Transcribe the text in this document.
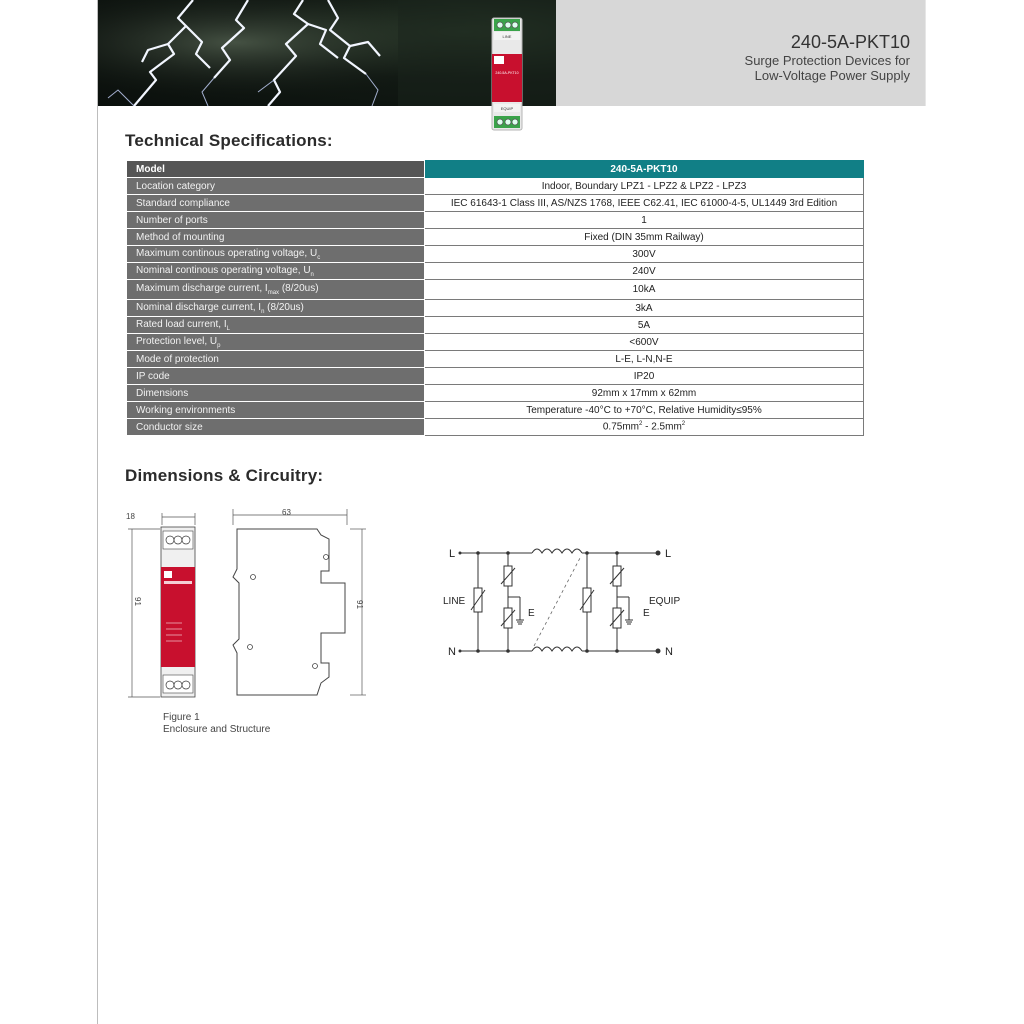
240-5A-PKT10
Surge Protection Devices for
Low-Voltage Power Supply
LINE
240-5A-PKT10
EQUIP
Technical Specifications:
Model	240-5A-PKT10
Location category	Indoor, Boundary LPZ1 - LPZ2 & LPZ2 - LPZ3
Standard compliance	IEC 61643-1 Class III, AS/NZS 1768, IEEE C62.41, IEC 61000-4-5, UL1449 3rd Edition
Number of ports	1
Method of mounting	Fixed (DIN 35mm Railway)
Maximum continous operating voltage, $U_c$	300V
Nominal continous operating voltage, $U_n$	240V
Maximum discharge current, $I_{max}$ (8/20us)	10kA
Nominal discharge current, $I_n$ (8/20us)	3kA
Rated load current, $I_L$	5A
Protection level, $U_p$	<600V
Mode of protection	L-E, L-N,N-E
IP code	IP20
Dimensions	92mm x 17mm x 62mm
Working environments	Temperature -40°C to +70°C, Relative Humidity≤95%
Conductor size	$0.75mm^2 - 2.5mm^2$
Dimensions & Circuitry:
18
91
63
91
Figure 1
Enclosure and Structure
L	L
N	N
LINE	EQUIP
E	E
